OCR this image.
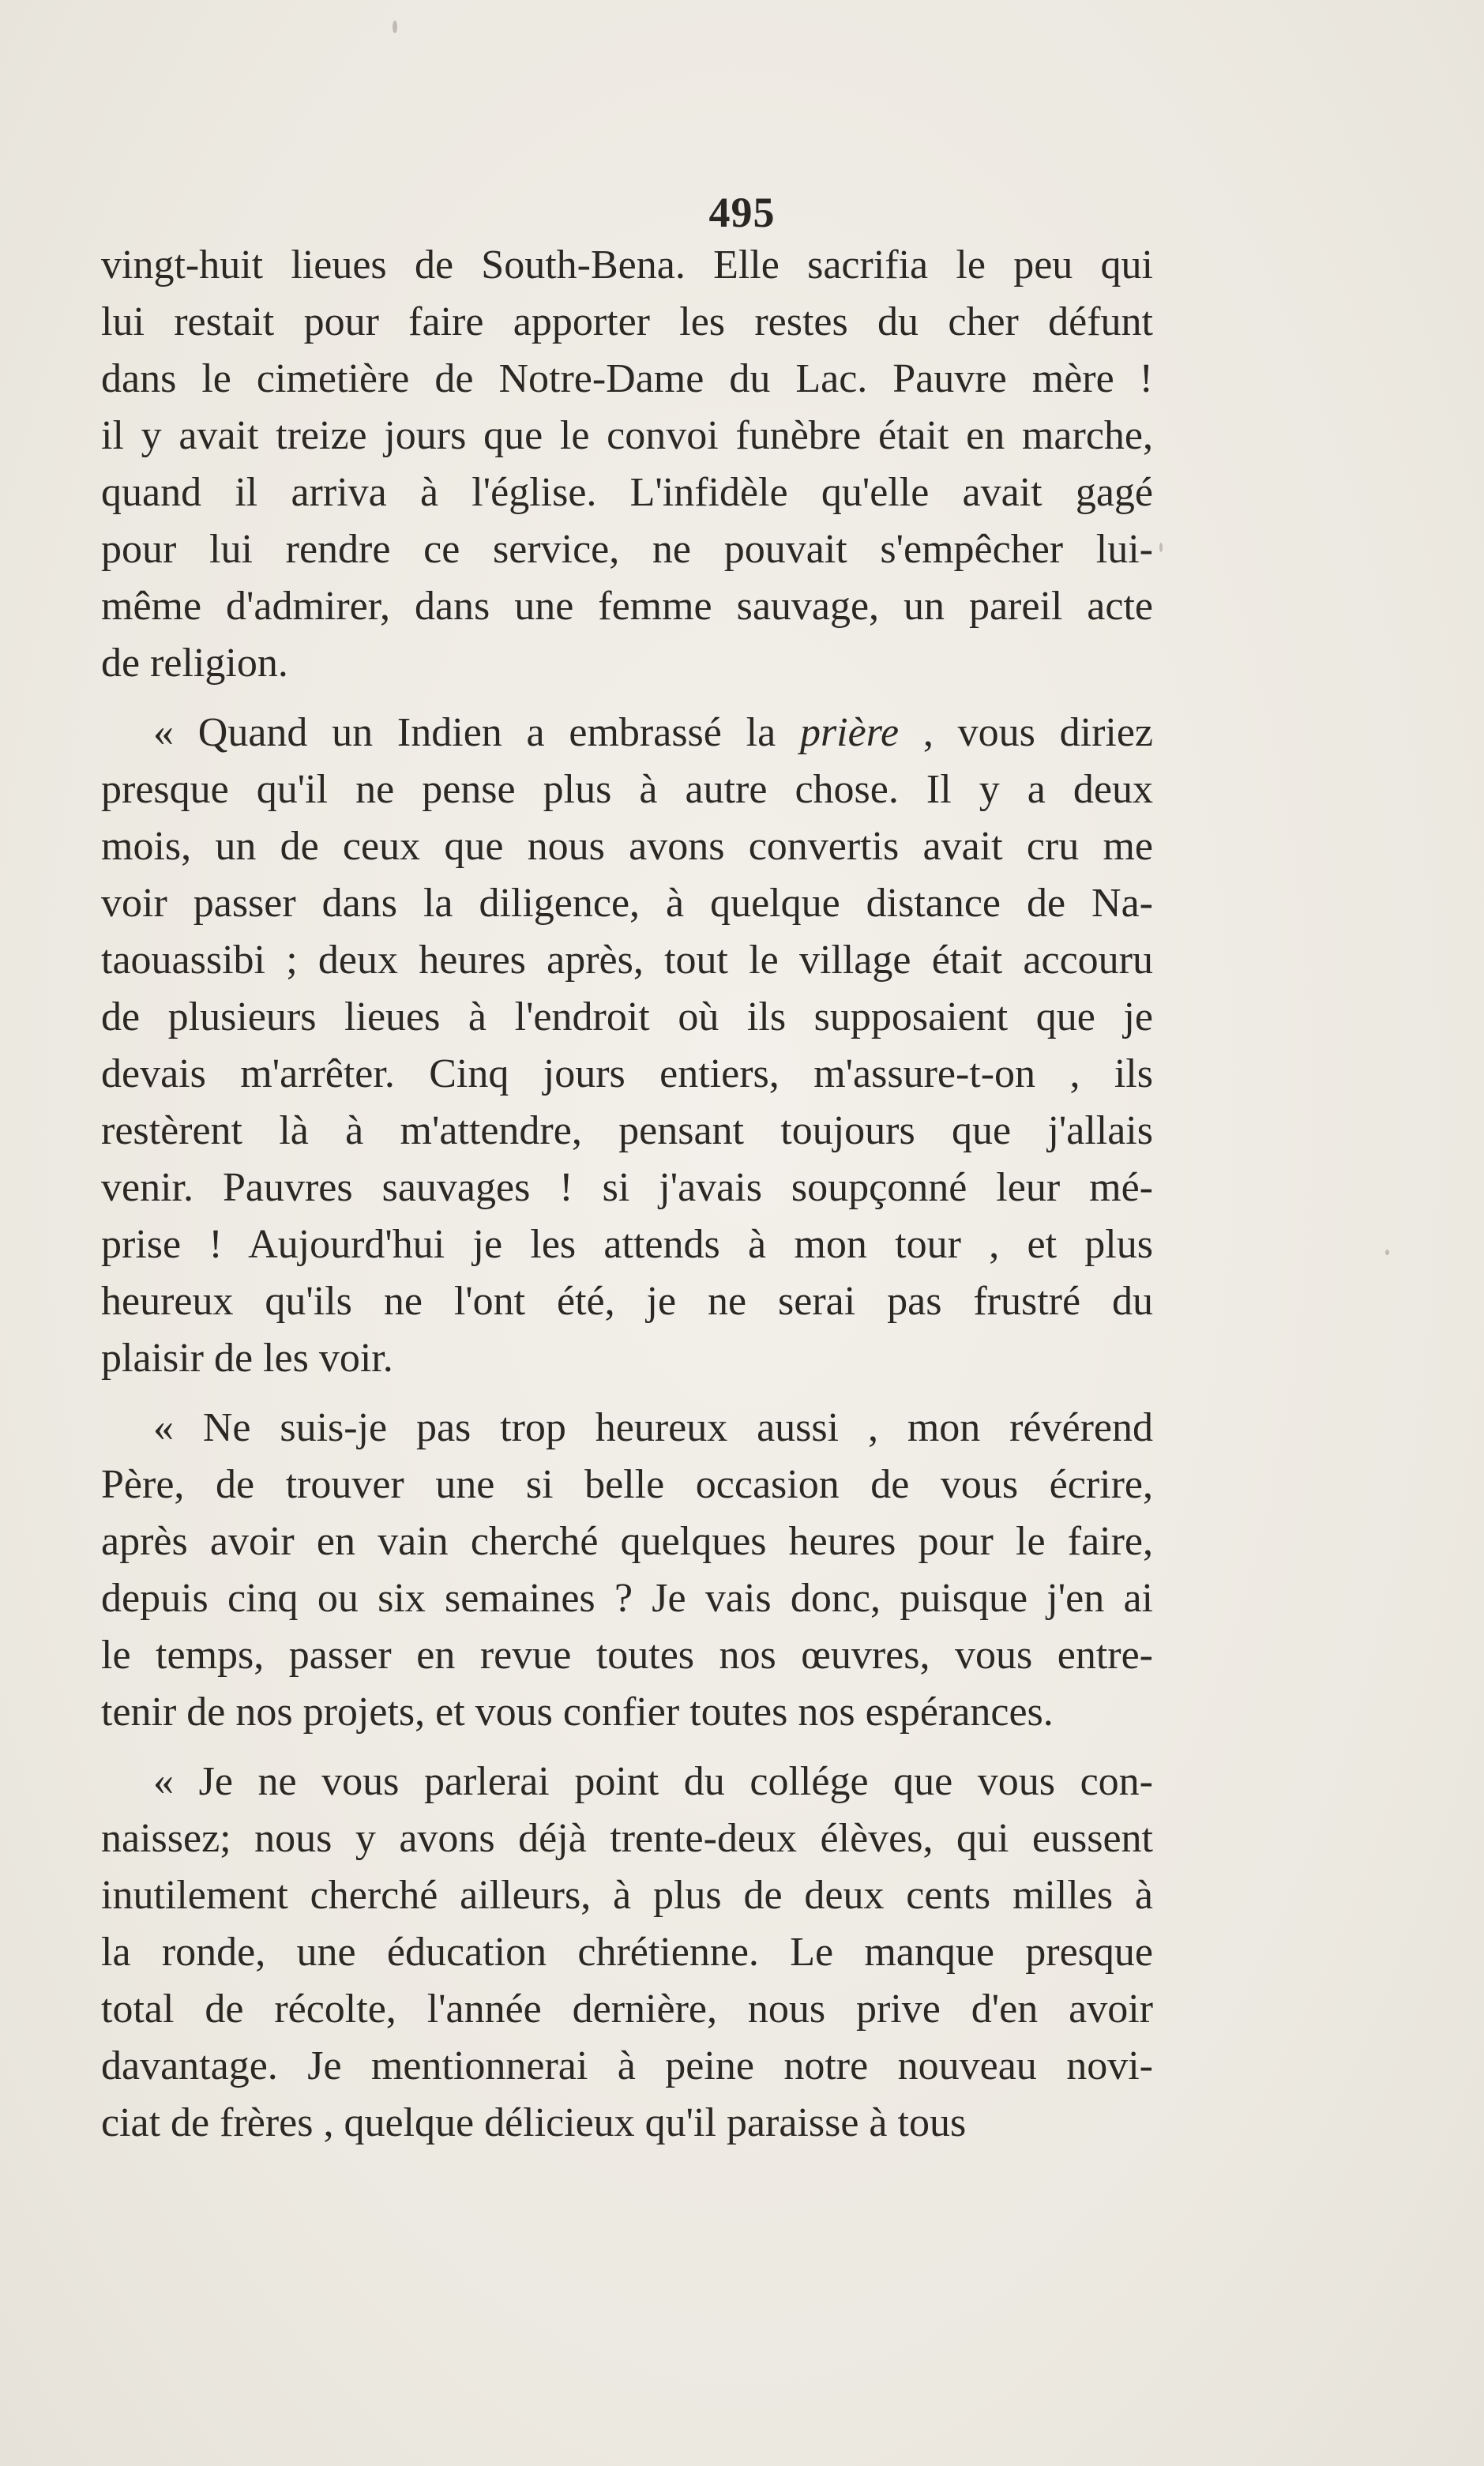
495
vingt-huit lieues de South-Bena. Elle sacrifia le peu qui
lui restait pour faire apporter les restes du cher défunt
dans le cimetière de Notre-Dame du Lac. Pauvre mère !
il y avait treize jours que le convoi funèbre était en marche,
quand il arriva à l'église. L'infidèle qu'elle avait gagé
pour lui rendre ce service, ne pouvait s'empêcher lui-
même d'admirer, dans une femme sauvage, un pareil acte
de religion.
« Quand un Indien a embrassé la prière , vous diriez
presque qu'il ne pense plus à autre chose. Il y a deux
mois, un de ceux que nous avons convertis avait cru me
voir passer dans la diligence, à quelque distance de Na-
taouassibi ; deux heures après, tout le village était accouru
de plusieurs lieues à l'endroit où ils supposaient que je
devais m'arrêter. Cinq jours entiers, m'assure-t-on , ils
restèrent là à m'attendre, pensant toujours que j'allais
venir. Pauvres sauvages ! si j'avais soupçonné leur mé-
prise ! Aujourd'hui je les attends à mon tour , et plus
heureux qu'ils ne l'ont été, je ne serai pas frustré du
plaisir de les voir.
« Ne suis-je pas trop heureux aussi , mon révérend
Père, de trouver une si belle occasion de vous écrire,
après avoir en vain cherché quelques heures pour le faire,
depuis cinq ou six semaines ? Je vais donc, puisque j'en ai
le temps, passer en revue toutes nos œuvres, vous entre-
tenir de nos projets, et vous confier toutes nos espérances.
« Je ne vous parlerai point du collége que vous con-
naissez; nous y avons déjà trente-deux élèves, qui eussent
inutilement cherché ailleurs, à plus de deux cents milles à
la ronde, une éducation chrétienne. Le manque presque
total de récolte, l'année dernière, nous prive d'en avoir
davantage. Je mentionnerai à peine notre nouveau novi-
ciat de frères , quelque délicieux qu'il paraisse à tous
